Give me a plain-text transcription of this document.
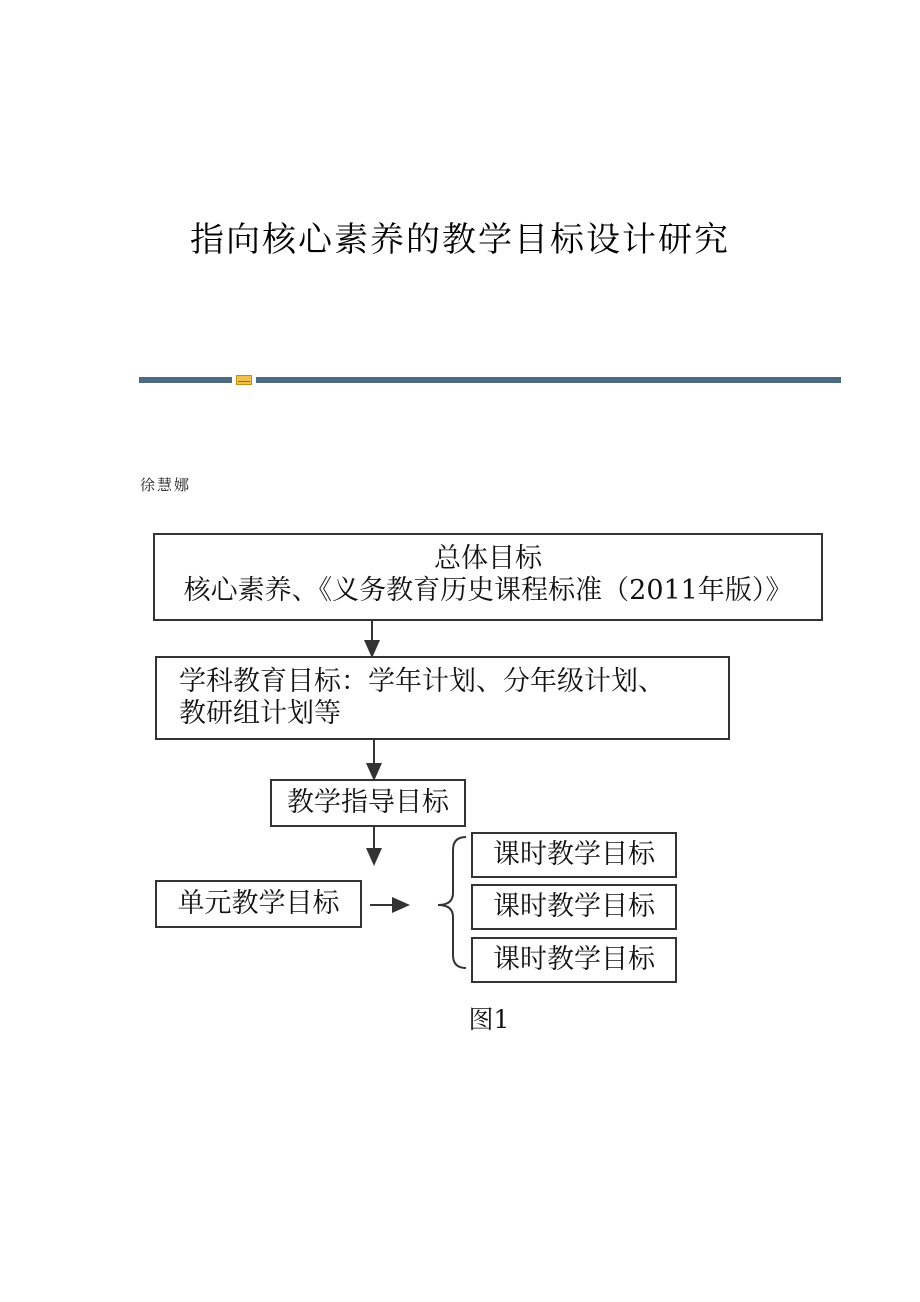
指向核心素养的教学目标设计研究
徐慧娜
总体目标
核心素养、《义务教育历史课程标准（2011年版）》
学科教育目标：学年计划、分年级计划、
教研组计划等
教学指导目标
单元教学目标
课时教学目标
课时教学目标
课时教学目标
图1
